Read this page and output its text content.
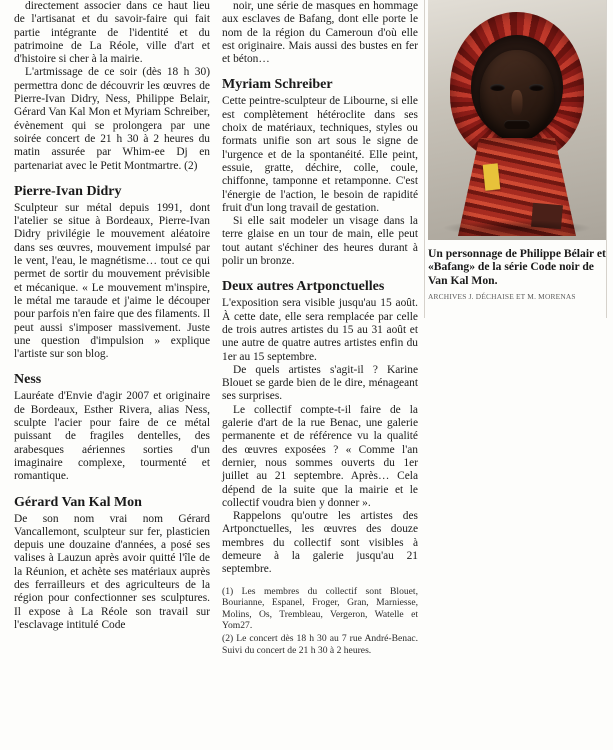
directement associer dans ce haut lieu de l'artisanat et du savoir-faire qui fait partie intégrante de l'identité et du patrimoine de La Réole, ville d'art et d'histoire si cher à la mairie.

L'artmissage de ce soir (dès 18 h 30) permettra donc de découvrir les œuvres de Pierre-Ivan Didry, Ness, Philippe Belair, Gérard Van Kal Mon et Myriam Schreiber, évènement qui se prolongera par une soirée concert de 21 h 30 à 2 heures du matin assurée par Whim-ee Dj en partenariat avec le Petit Montmartre. (2)

Pierre-Ivan Didry

Sculpteur sur métal depuis 1991, dont l'atelier se situe à Bordeaux, Pierre-Ivan Didry privilégie le mouvement aléatoire dans ses œuvres, mouvement impulsé par le vent, l'eau, le magnétisme… tout ce qui permet de sortir du mouvement prévisible et mécanique. « Le mouvement m'inspire, le métal me taraude et j'aime le découper pour parfois n'en faire que des filaments. Il peut aussi s'imposer massivement. Juste une question d'impulsion » explique l'artiste sur son blog.

Ness

Lauréate d'Envie d'agir 2007 et originaire de Bordeaux, Esther Rivera, alias Ness, sculpte l'acier pour faire de ce métal puissant de fragiles dentelles, des arabesques aériennes sorties d'un imaginaire complexe, tourmenté et romantique.

Gérard Van Kal Mon

De son nom vrai nom Gérard Vancallemont, sculpteur sur fer, plasticien depuis une douzaine d'années, a posé ses valises à Lauzun après avoir quitté l'île de la Réunion, et achète ses matériaux auprès des ferrailleurs et des agriculteurs de la région pour confectionner ses sculptures. Il expose à La Réole son travail sur l'esclavage intitulé Code

noir, une série de masques en hommage aux esclaves de Bafang, dont elle porte le nom de la région du Cameroun d'où elle est originaire. Mais aussi des bustes en fer et béton…

Myriam Schreiber

Cette peintre-sculpteur de Libourne, si elle est complètement hétéroclite dans ses choix de matériaux, techniques, styles ou formats unifie son art sous le signe de l'urgence et de la spontanéité. Elle peint, essuie, gratte, déchire, colle, coule, chiffonne, tamponne et retamponne. C'est l'énergie de l'action, le besoin de rapidité fruit d'un long travail de gestation.

Si elle sait modeler un visage dans la terre glaise en un tour de main, elle peut tout autant s'échiner des heures durant à polir un bronze.

Deux autres Artponctuelles

L'exposition sera visible jusqu'au 15 août. À cette date, elle sera remplacée par celle de trois autres artistes du 15 au 31 août et une autre de quatre autres artistes enfin du 1er au 15 septembre.

De quels artistes s'agit-il ? Karine Blouet se garde bien de le dire, ménageant ses surprises.

Le collectif compte-t-il faire de la galerie d'art de la rue Benac, une galerie permanente et de référence vu la qualité des œuvres exposées ? « Comme l'an dernier, nous sommes ouverts du 1er juillet au 21 septembre. Après… Cela dépend de la suite que la mairie et le collectif voudra bien y donner ».

Rappelons qu'outre les artistes des Artponctuelles, les œuvres des douze membres du collectif sont visibles à demeure à la galerie jusqu'au 21 septembre.

(1) Les membres du collectif sont Blouet, Bourianne, Espanel, Froger, Gran, Marniesse, Molins, Os, Trembleau, Vergeron, Watelle et Yom27.
(2) Le concert dès 18 h 30 au 7 rue André-Benac. Suivi du concert de 21 h 30 à 2 heures.

Un personnage de Philippe Bélair et «Bafang» de la série Code noir de Van Kal Mon.

ARCHIVES J. DÉCHAISE ET M. MORENAS
